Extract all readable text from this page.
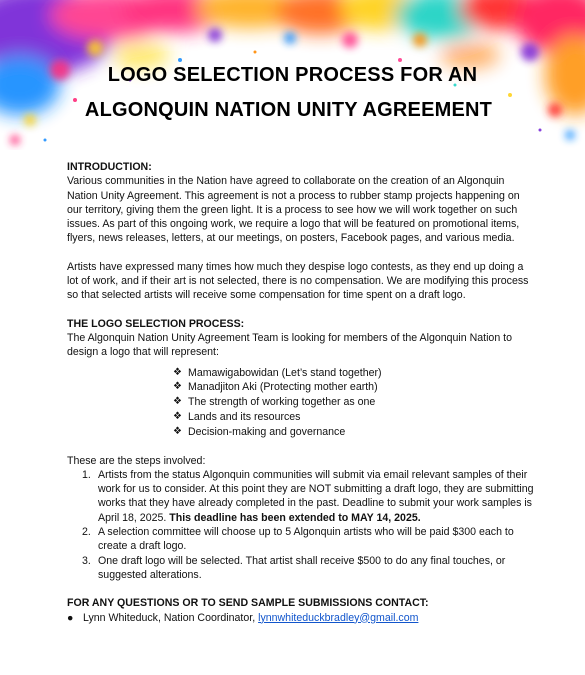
LOGO SELECTION PROCESS FOR AN
ALGONQUIN NATION UNITY AGREEMENT

INTRODUCTION:

Various communities in the Nation have agreed to collaborate on the creation of an Algonquin Nation Unity Agreement. This agreement is not a process to rubber stamp projects happening on our territory, giving them the green light. It is a process to see how we will work together on such issues. As part of this ongoing work, we require a logo that will be featured on promotional items, flyers, news releases, letters, at our meetings, on posters, Facebook pages, and various media.

Artists have expressed many times how much they despise logo contests, as they end up doing a lot of work, and if their art is not selected, there is no compensation. We are modifying this process so that selected artists will receive some compensation for time spent on a draft logo.

THE LOGO SELECTION PROCESS:

The Algonquin Nation Unity Agreement Team is looking for members of the Algonquin Nation to design a logo that will represent:

❖ Mamawigabowidan (Let’s stand together)
❖ Manadjiton Aki (Protecting mother earth)
❖ The strength of working together as one
❖ Lands and its resources
❖ Decision-making and governance

These are the steps involved:

1. Artists from the status Algonquin communities will submit via email relevant samples of their work for us to consider. At this point they are NOT submitting a draft logo, they are submitting works that they have already completed in the past. Deadline to submit your work samples is April 18, 2025. This deadline has been extended to MAY 14, 2025.
2. A selection committee will choose up to 5 Algonquin artists who will be paid $300 each to create a draft logo.
3. One draft logo will be selected. That artist shall receive $500 to do any final touches, or suggested alterations.

FOR ANY QUESTIONS OR TO SEND SAMPLE SUBMISSIONS CONTACT:

● Lynn Whiteduck, Nation Coordinator, lynnwhiteduckbradley@gmail.com
